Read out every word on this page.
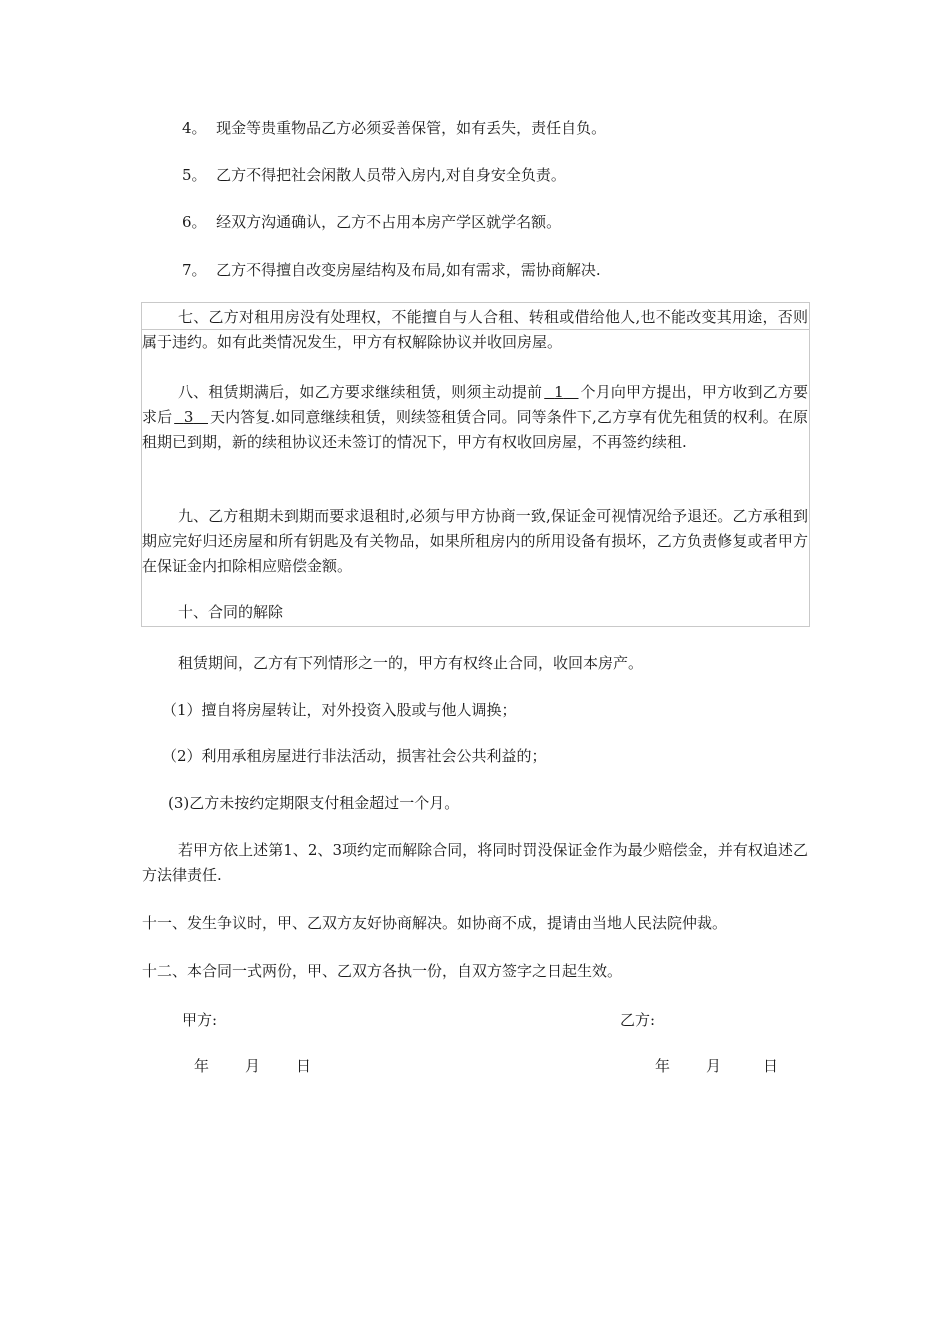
4。 现金等贵重物品乙方必须妥善保管，如有丢失，责任自负。
5。 乙方不得把社会闲散人员带入房内,对自身安全负责。
6。 经双方沟通确认，乙方不占用本房产学区就学名额。
7。 乙方不得擅自改变房屋结构及布局,如有需求，需协商解决.
七、乙方对租用房没有处理权，不能擅自与人合租、转租或借给他人,也不能改变其用途，否则属于违约。如有此类情况发生，甲方有权解除协议并收回房屋。
八、租赁期满后，如乙方要求继续租赁，则须主动提前 1 个月向甲方提出，甲方收到乙方要求后 3 天内答复.如同意继续租赁，则续签租赁合同。同等条件下,乙方享有优先租赁的权利。在原租期已到期，新的续租协议还未签订的情况下，甲方有权收回房屋，不再签约续租.
九、乙方租期未到期而要求退租时,必须与甲方协商一致,保证金可视情况给予退还。乙方承租到期应完好归还房屋和所有钥匙及有关物品，如果所租房内的所用设备有损坏，乙方负责修复或者甲方在保证金内扣除相应赔偿金额。
十、合同的解除
租赁期间，乙方有下列情形之一的，甲方有权终止合同，收回本房产。
（1）擅自将房屋转让，对外投资入股或与他人调换；
（2）利用承租房屋进行非法活动，损害社会公共利益的；
(3)乙方未按约定期限支付租金超过一个月。
若甲方依上述第1、2、3项约定而解除合同，将同时罚没保证金作为最少赔偿金，并有权追述乙方法律责任.
十一、发生争议时，甲、乙双方友好协商解决。如协商不成，提请由当地人民法院仲裁。
十二、本合同一式两份，甲、乙双方各执一份，自双方签字之日起生效。
甲方:	乙方:
年 月 日	年 月	日
